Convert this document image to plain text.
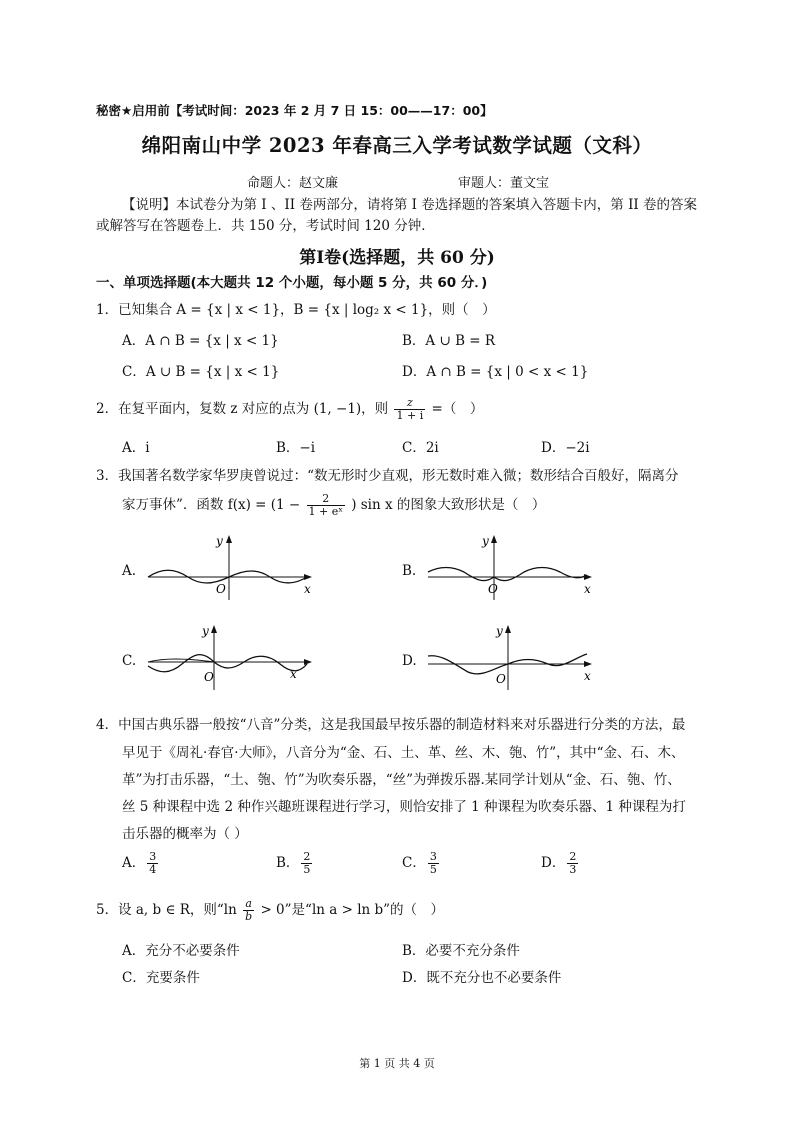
秘密★启用前【考试时间：2023 年 2 月 7 日 15：00——17：00】
绵阳南山中学 2023 年春高三入学考试数学试题（文科）
命题人：赵文廉	审题人：董文宝
【说明】本试卷分为第 I 、II 卷两部分，请将第 I 卷选择题的答案填入答题卡内，第 II 卷的答案
或解答写在答题卷上．共 150 分，考试时间 120 分钟．
第I卷(选择题，共 60 分)
一、单项选择题(本大题共 12 个小题，每小题 5 分，共 60 分．)
1．已知集合 A = {x | x < 1}，B = {x | log₂ x < 1}，则（　）
A．A ∩ B = {x | x < 1}	B．A ∪ B = R
C．A ∪ B = {x | x < 1}	D．A ∩ B = {x | 0 < x < 1}
2．在复平面内，复数 z 对应的点为 (1, −1)，则 $\frac{z}{1 + i}$ =（　）
A．i	B．−i	C．2i	D．−2i
3．我国著名数学家华罗庚曾说过：“数无形时少直观，形无数时难入微；数形结合百般好，隔离分
家万事休”．函数 $f(x) = (1 - \frac{2}{\text{1 + eˣ}}$ ) sin x 的图象大致形状是（　）
A.
y
x
O
B.
y
x
O
C.
y
x
O
D.
y
x
O
4．中国古典乐器一般按“八音”分类，这是我国最早按乐器的制造材料来对乐器进行分类的方法，最
早见于《周礼·春官·大师》，八音分为“金、石、土、革、丝、木、匏、竹”，其中“金、石、木、
革”为打击乐器，“土、匏、竹”为吹奏乐器，“丝”为弹拨乐器.某同学计划从“金、石、匏、竹、
丝 5 种课程中选 2 种作兴趣班课程进行学习，则恰安排了 1 种课程为吹奏乐器、1 种课程为打
击乐器的概率为（ ）
A． $\frac{3}{4}$	B． $\frac{2}{5}$	C． $\frac{3}{5}$	D． $\frac{2}{3}$
5．设 a, b ∈ R，则“$\ln \frac{a}{b} > 0$”是“ln a > ln b”的（　）
A．充分不必要条件	B．必要不充分条件
C．充要条件	D．既不充分也不必要条件
第 1 页 共 4 页
